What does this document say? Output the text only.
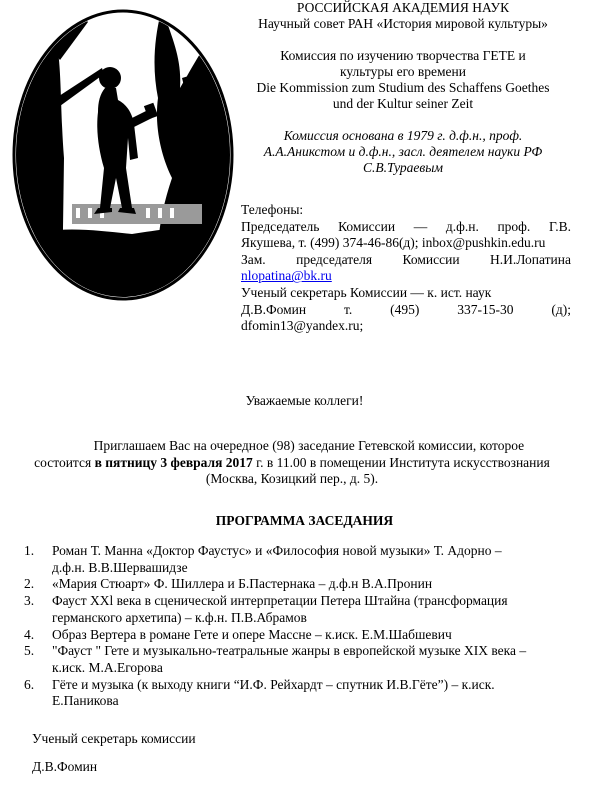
РОССИЙСКАЯ АКАДЕМИЯ НАУК
Научный совет РАН «История мировой культуры»
Комиссия по изучению творчества ГЕТЕ и
культуры его времени
Die Kommission zum Studium des Schaffens Goethes
und der Kultur seiner Zeit
Комиссия основана в 1979 г. д.ф.н., проф.
А.А.Аникстом и д.ф.н., засл. деятелем науки РФ
С.В.Тураевым
Телефоны:
Председатель Комиссии — д.ф.н. проф. Г.В.
Якушева, т. (499) 374-46-86(д); inbox@pushkin.edu.ru
Зам. председателя Комиссии Н.И.Лопатина
nlopatina@bk.ru
Ученый секретарь Комиссии — к. ист. наук
Д.В.Фомин	т.	(495)	337-15-30	(д);
dfomin13@yandex.ru;
Уважаемые коллеги!
Приглашаем Вас на очередное (98) заседание Гетевской комиссии, которое
состоится в пятницу 3 февраля 2017 г. в 11.00 в помещении Института искусствознания
(Москва, Козицкий пер., д. 5).
ПРОГРАММА ЗАСЕДАНИЯ
1.	Роман Т. Манна «Доктор Фаустус» и «Философия новой музыки» Т. Адорно –
д.ф.н. В.В.Шервашидзе
2.	«Мария Стюарт» Ф. Шиллера и Б.Пастернака – д.ф.н В.А.Пронин
3.	Фауст XXl века в сценической интерпретации Петера Штайна (трансформация
германского архетипа) – к.ф.н. П.В.Абрамов
4.	Образ Вертера в романе Гете и опере Массне – к.иск. Е.М.Шабшевич
5.	"Фауст " Гете и музыкально-театральные жанры в европейской музыке XIX века –
к.иск. М.А.Егорова
6.	Гёте и музыка (к выходу книги “И.Ф. Рейхардт – спутник И.В.Гёте”) – к.иск.
Е.Паникова
Ученый секретарь комиссии
Д.В.Фомин
